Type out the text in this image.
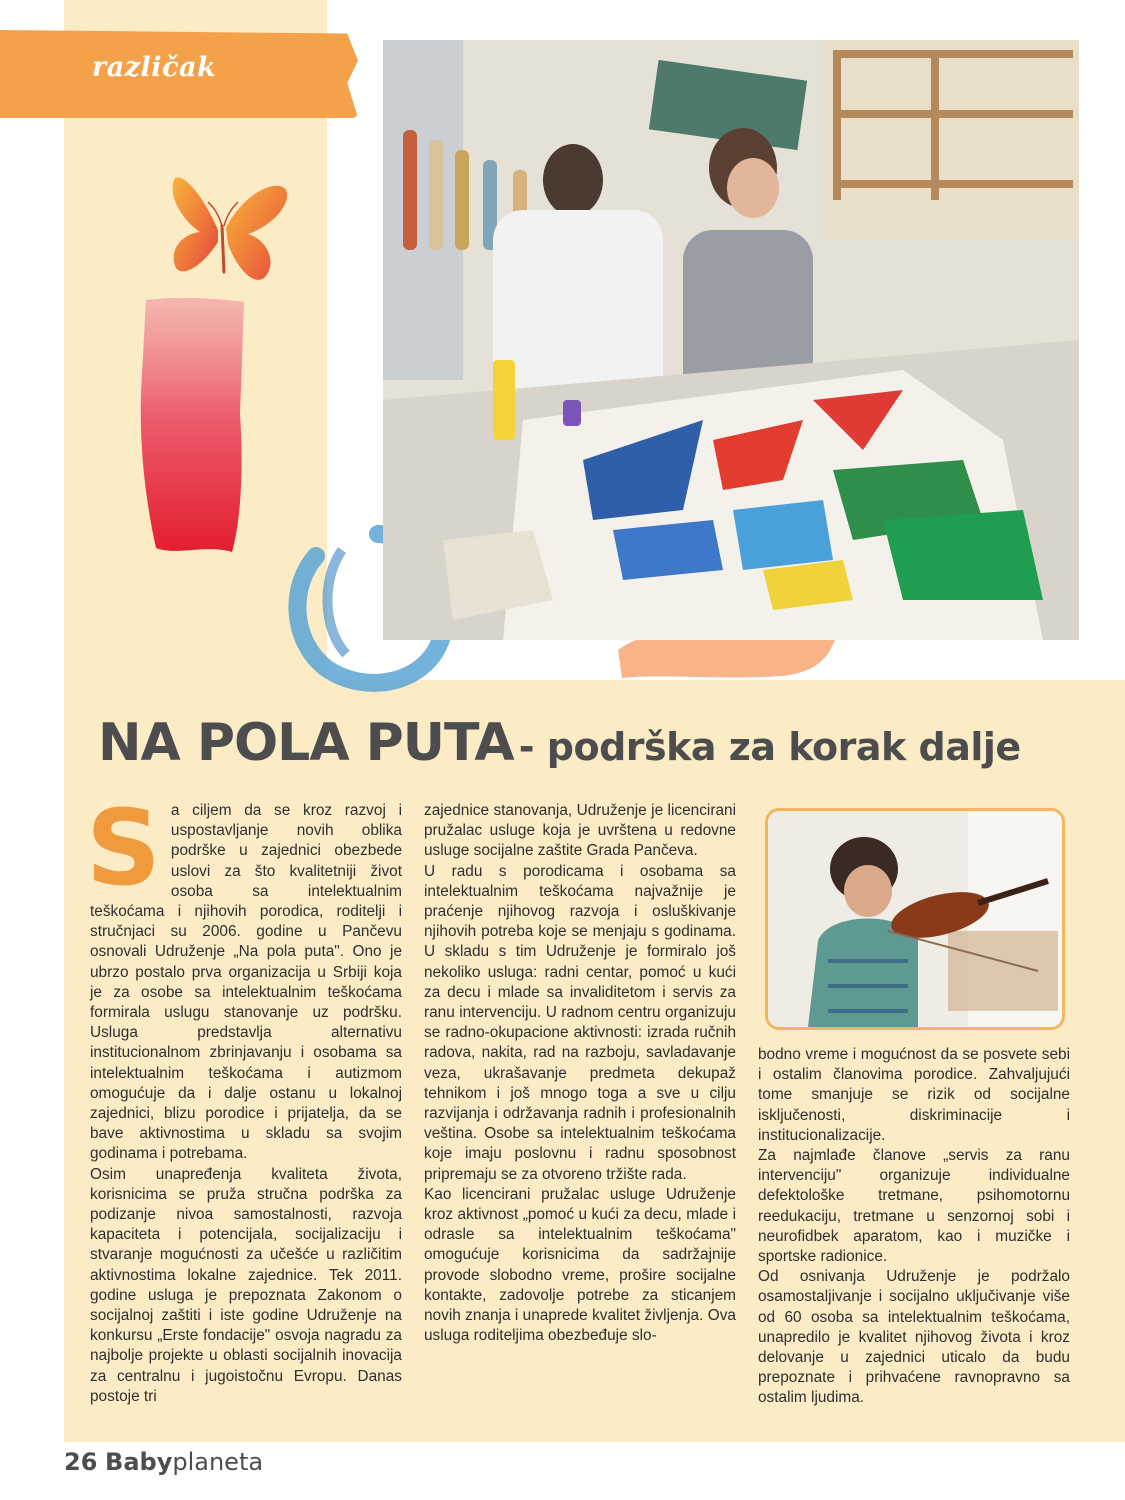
različak
NA POLA PUTA - podrška za korak dalje
S a ciljem da se kroz razvoj i uspostavljanje novih oblika podrške u zajednici obezbede uslovi za što kvalitetniji život osoba sa intelektualnim teškoćama i njihovih porodica, roditelji i stručnjaci su 2006. godine u Pančevu osnovali Udruženje „Na pola puta". Ono je ubrzo postalo prva organizacija u Srbiji koja je za osobe sa intelektualnim teškoćama formirala uslugu stanovanje uz podršku. Usluga predstavlja alternativu institucionalnom zbrinjavanju i osobama sa intelektualnim teškoćama i autizmom omogućuje da i dalje ostanu u lokalnoj zajednici, blizu porodice i prijatelja, da se bave aktivnostima u skladu sa svojim godinama i potrebama.

Osim unapređenja kvaliteta života, korisnicima se pruža stručna podrška za podizanje nivoa samostalnosti, razvoja kapaciteta i potencijala, socijalizaciju i stvaranje mogućnosti za učešće u različitim aktivnostima lokalne zajednice. Tek 2011. godine usluga je prepoznata Zakonom o socijalnoj zaštiti i iste godine Udruženje na konkursu „Erste fondacije" osvoja nagradu za najbolje projekte u oblasti socijalnih inovacija za centralnu i jugoistočnu Evropu. Danas postoje tri

zajednice stanovanja, Udruženje je licencirani pružalac usluge koja je uvrštena u redovne usluge socijalne zaštite Grada Pančeva.

U radu s porodicama i osobama sa intelektualnim teškoćama najvažnije je praćenje njihovog razvoja i osluškivanje njihovih potreba koje se menjaju s godinama. U skladu s tim Udruženje je formiralo još nekoliko usluga: radni centar, pomoć u kući za decu i mlade sa invaliditetom i servis za ranu intervenciju. U radnom centru organizuju se radno-okupacione aktivnosti: izrada ručnih radova, nakita, rad na razboju, savladavanje veza, ukrašavanje predmeta dekupaž tehnikom i još mnogo toga a sve u cilju razvijanja i održavanja radnih i profesionalnih veština. Osobe sa intelektualnim teškoćama koje imaju poslovnu i radnu sposobnost pripremaju se za otvoreno tržište rada.

Kao licencirani pružalac usluge Udruženje kroz aktivnost „pomoć u kući za decu, mlade i odrasle sa intelektualnim teškoćama" omogućuje korisnicima da sadržajnije provode slobodno vreme, prošire socijalne kontakte, zadovolje potrebe za sticanjem novih znanja i unaprede kvalitet življenja. Ova usluga roditeljima obezbeđuje slo-

bodno vreme i mogućnost da se posvete sebi i ostalim članovima porodice. Zahvaljujući tome smanjuje se rizik od socijalne isključenosti, diskriminacije i institucionalizacije.

Za najmlađe članove „servis za ranu intervenciju" organizuje individualne defektološke tretmane, psihomotornu reedukaciju, tretmane u senzornoj sobi i neurofidbek aparatom, kao i muzičke i sportske radionice.

Od osnivanja Udruženje je podržalo osamostaljivanje i socijalno uključivanje više od 60 osoba sa intelektualnim teškoćama, unapredilo je kvalitet njihovog života i kroz delovanje u zajednici uticalo da budu prepoznate i prihvaćene ravnopravno sa ostalim ljudima.

26 Babyplaneta
